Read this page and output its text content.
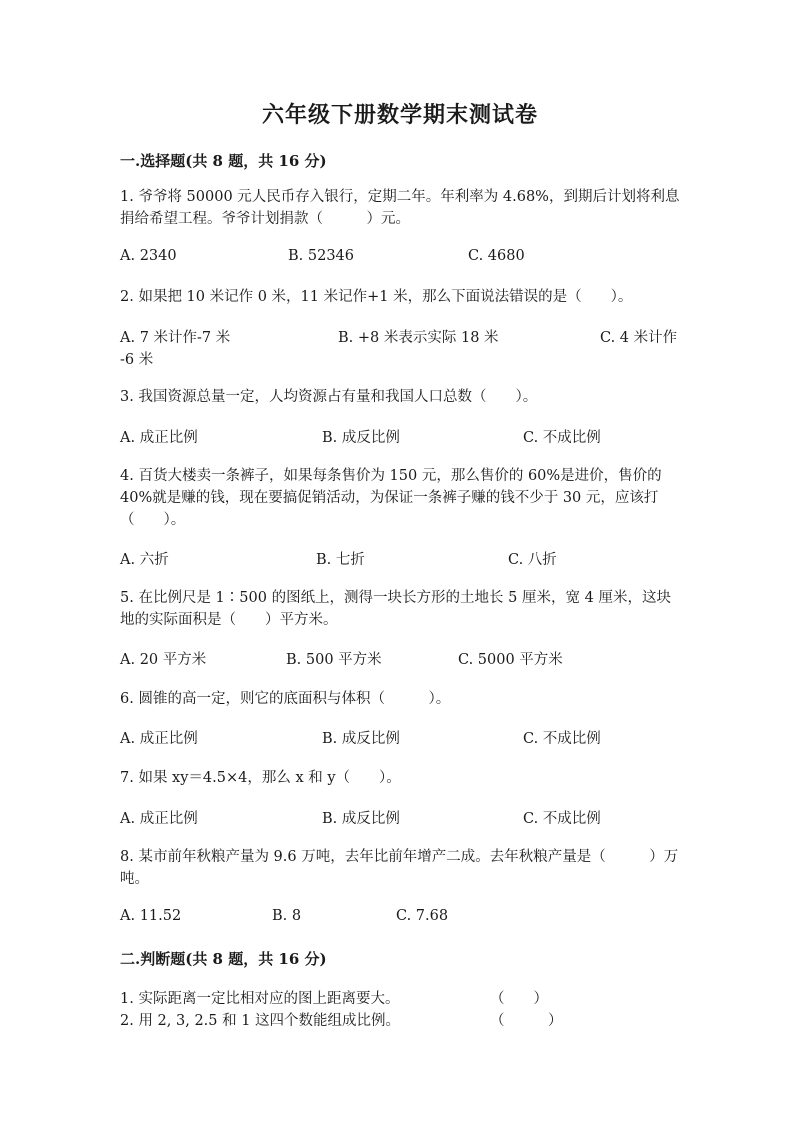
六年级下册数学期末测试卷
一.选择题(共 8 题，共 16 分)
1. 爷爷将 50000 元人民币存入银行，定期二年。年利率为 4.68%，到期后计划将利息捐给希望工程。爷爷计划捐款（　　　）元。
A. 2340	B. 52346	C. 4680
2. 如果把 10 米记作 0 米，11 米记作+1 米，那么下面说法错误的是（　　）。
A. 7 米计作-7 米	B. +8 米表示实际 18 米	C. 4 米计作
-6 米
3. 我国资源总量一定，人均资源占有量和我国人口总数（　　）。
A. 成正比例	B. 成反比例	C. 不成比例
4. 百货大楼卖一条裤子，如果每条售价为 150 元，那么售价的 60%是进价，售价的 40%就是赚的钱，现在要搞促销活动，为保证一条裤子赚的钱不少于 30 元，应该打（　　）。
A. 六折	B. 七折	C. 八折
5. 在比例尺是 1∶500 的图纸上，测得一块长方形的土地长 5 厘米，宽 4 厘米，这块地的实际面积是（　　）平方米。
A. 20 平方米	B. 500 平方米	C. 5000 平方米
6. 圆锥的高一定，则它的底面积与体积（　　　）。
A. 成正比例	B. 成反比例	C. 不成比例
7. 如果 xy＝4.5×4，那么 x 和 y（　　）。
A. 成正比例	B. 成反比例	C. 不成比例
8. 某市前年秋粮产量为 9.6 万吨，去年比前年增产二成。去年秋粮产量是（　　　）万吨。
A. 11.52	B. 8	C. 7.68
二.判断题(共 8 题，共 16 分)
1. 实际距离一定比相对应的图上距离要大。	（　　）
2. 用 2, 3, 2.5 和 1 这四个数能组成比例。	（　　　）
